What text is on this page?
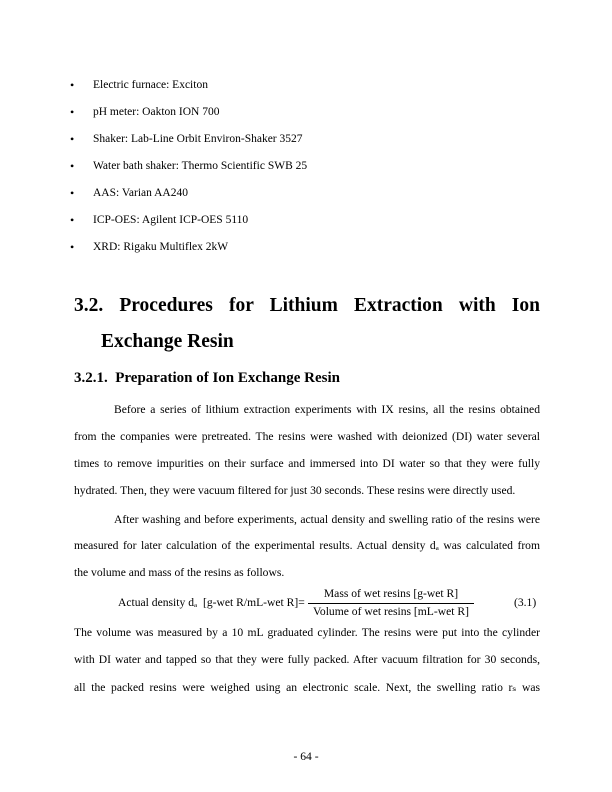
• Electric furnace: Exciton
• pH meter: Oakton ION 700
• Shaker: Lab-Line Orbit Environ-Shaker 3527
• Water bath shaker: Thermo Scientific SWB 25
• AAS: Varian AA240
• ICP-OES: Agilent ICP-OES 5110
• XRD: Rigaku Multiflex 2kW
3.2.  Procedures  for  Lithium  Extraction  with  Ion
Exchange Resin
3.2.1.  Preparation of Ion Exchange Resin
Before a series of lithium extraction experiments with IX resins, all the resins obtained
from the companies were pretreated. The resins were washed with deionized (DI) water several
times to remove impurities on their surface and immersed into DI water so that they were fully
hydrated. Then, they were vacuum filtered for just 30 seconds. These resins were directly used.
After washing and before experiments, actual density and swelling ratio of the resins were
measured for later calculation of the experimental results. Actual density dₐ was calculated from
the volume and mass of the resins as follows.
Actual density dₐ  [g-wet R/mL-wet R]=
Mass of wet resins [g-wet R]
Volume of wet resins [mL-wet R]
(3.1)
The volume was measured by a 10 mL graduated cylinder. The resins were put into the cylinder
with DI water and tapped so that they were fully packed. After vacuum filtration for 30 seconds,
all the packed resins were weighed using an electronic scale. Next, the swelling ratio rₛ was
- 64 -
